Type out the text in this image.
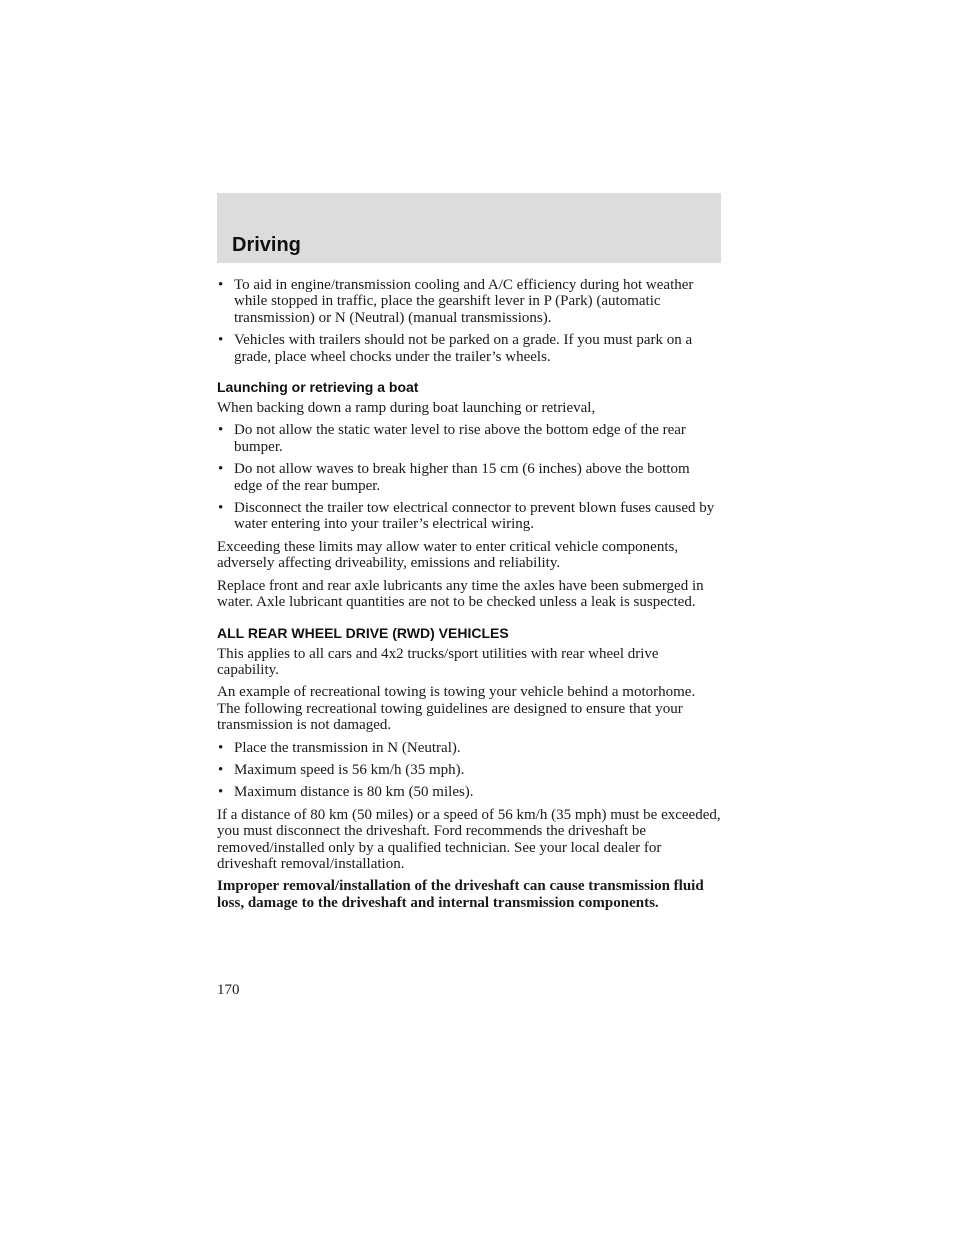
Driving
• To aid in engine/transmission cooling and A/C efficiency during hot weather while stopped in traffic, place the gearshift lever in P (Park) (automatic transmission) or N (Neutral) (manual transmissions).
• Vehicles with trailers should not be parked on a grade. If you must park on a grade, place wheel chocks under the trailer’s wheels.
Launching or retrieving a boat

When backing down a ramp during boat launching or retrieval,

• Do not allow the static water level to rise above the bottom edge of the rear bumper.
• Do not allow waves to break higher than 15 cm (6 inches) above the bottom edge of the rear bumper.
• Disconnect the trailer tow electrical connector to prevent blown fuses caused by water entering into your trailer’s electrical wiring.

Exceeding these limits may allow water to enter critical vehicle components, adversely affecting driveability, emissions and reliability.

Replace front and rear axle lubricants any time the axles have been submerged in water. Axle lubricant quantities are not to be checked unless a leak is suspected.

ALL REAR WHEEL DRIVE (RWD) VEHICLES

This applies to all cars and 4x2 trucks/sport utilities with rear wheel drive capability.

An example of recreational towing is towing your vehicle behind a motorhome. The following recreational towing guidelines are designed to ensure that your transmission is not damaged.

• Place the transmission in N (Neutral).
• Maximum speed is 56 km/h (35 mph).
• Maximum distance is 80 km (50 miles).

If a distance of 80 km (50 miles) or a speed of 56 km/h (35 mph) must be exceeded, you must disconnect the driveshaft. Ford recommends the driveshaft be removed/installed only by a qualified technician. See your local dealer for driveshaft removal/installation.

Improper removal/installation of the driveshaft can cause transmission fluid loss, damage to the driveshaft and internal transmission components.

170
